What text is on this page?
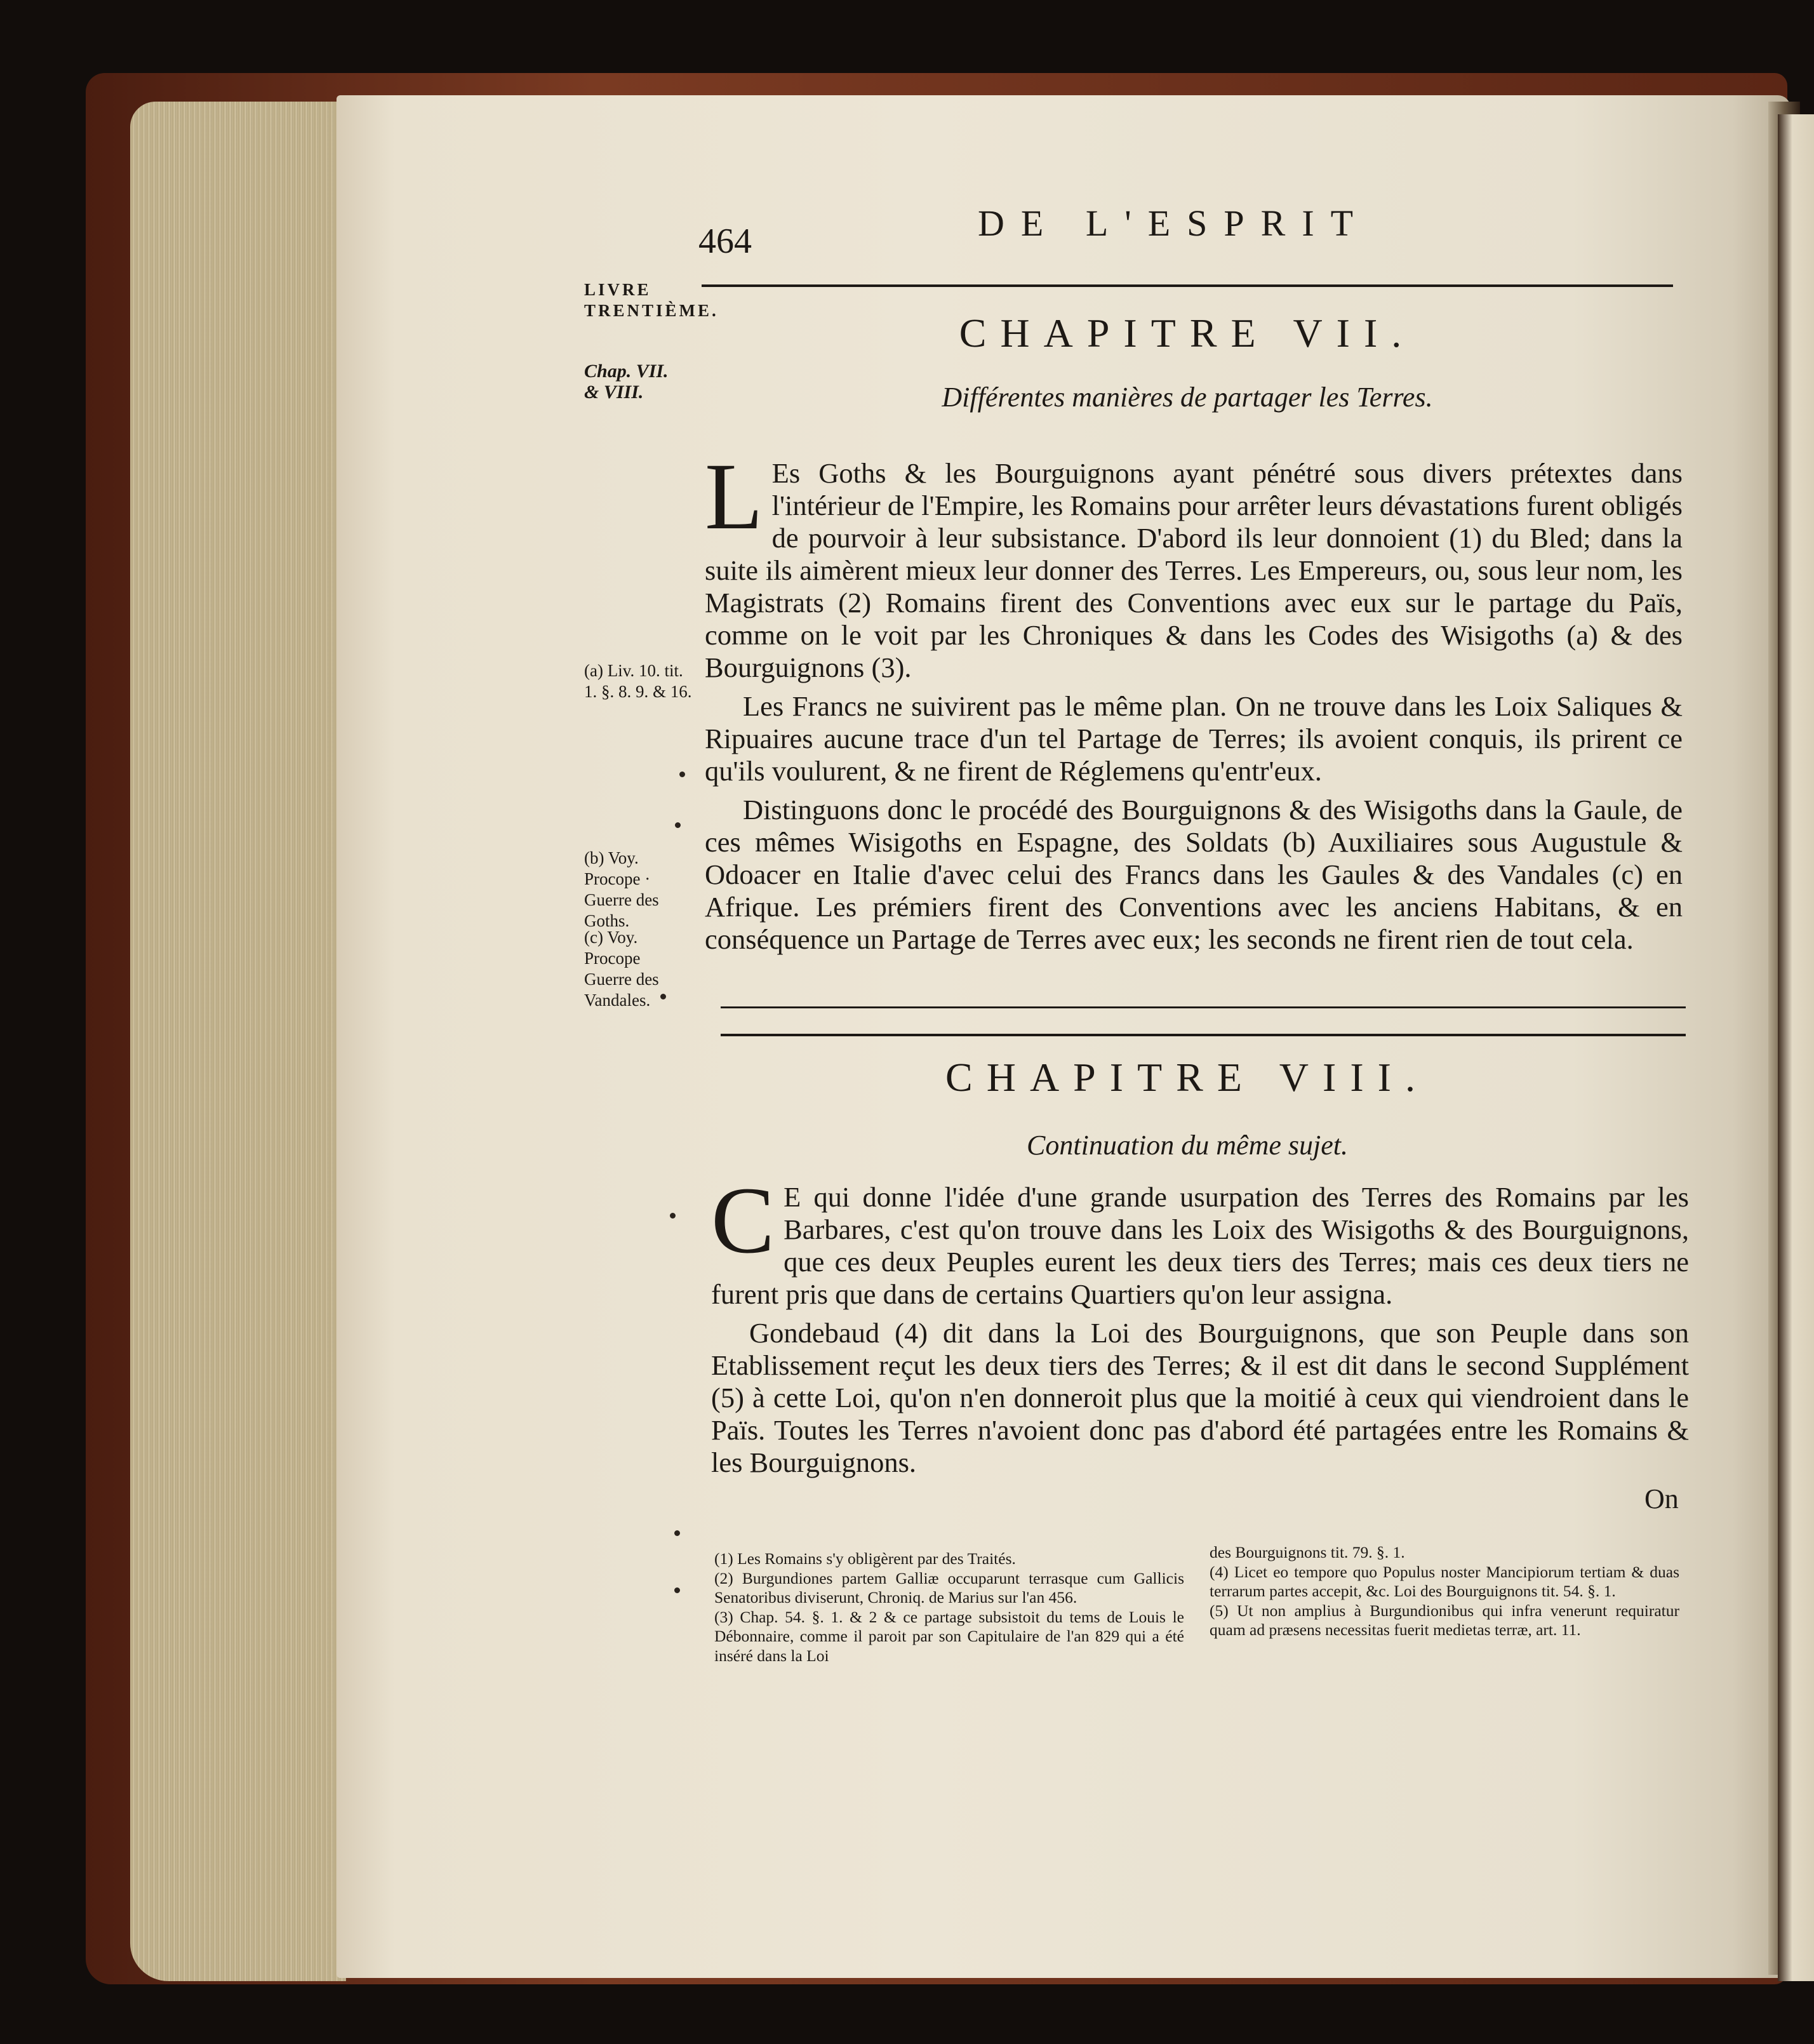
464	DE L'ESPRIT
LIVRE TRENTIÈME.
Chap. VII. & VIII.
(a) Liv. 10. tit. 1. §. 8. 9. & 16.
(b) Voy. Procope · Guerre des Goths.
(c) Voy. Procope Guerre des Vandales.
CHAPITRE VII.
Différentes manières de partager les Terres.
L Es Goths & les Bourguignons ayant pénétré sous divers prétextes dans l'intérieur de l'Empire, les Romains pour arrêter leurs dévastations furent obligés de pourvoir à leur subsistance. D'abord ils leur donnoient (1) du Bled; dans la suite ils aimèrent mieux leur donner des Terres. Les Empereurs, ou, sous leur nom, les Magistrats (2) Romains firent des Conventions avec eux sur le partage du Païs, comme on le voit par les Chroniques & dans les Codes des Wisigoths (a) & des Bourguignons (3).
Les Francs ne suivirent pas le même plan. On ne trouve dans les Loix Saliques & Ripuaires aucune trace d'un tel Partage de Terres; ils avoient conquis, ils prirent ce qu'ils voulurent, & ne firent de Réglemens qu'entr'eux.
Distinguons donc le procédé des Bourguignons & des Wisigoths dans la Gaule, de ces mêmes Wisigoths en Espagne, des Soldats (b) Auxiliaires sous Augustule & Odoacer en Italie d'avec celui des Francs dans les Gaules & des Vandales (c) en Afrique. Les prémiers firent des Conventions avec les anciens Habitans, & en conséquence un Partage de Terres avec eux; les seconds ne firent rien de tout cela.
CHAPITRE VIII.
Continuation du même sujet.
C E qui donne l'idée d'une grande usurpation des Terres des Romains par les Barbares, c'est qu'on trouve dans les Loix des Wisigoths & des Bourguignons, que ces deux Peuples eurent les deux tiers des Terres; mais ces deux tiers ne furent pris que dans de certains Quartiers qu'on leur assigna.
Gondebaud (4) dit dans la Loi des Bourguignons, que son Peuple dans son Etablissement reçut les deux tiers des Terres; & il est dit dans le second Supplément (5) à cette Loi, qu'on n'en donneroit plus que la moitié à ceux qui viendroient dans le Païs. Toutes les Terres n'avoient donc pas d'abord été partagées entre les Romains & les Bourguignons.
On

(1) Les Romains s'y obligèrent par des Traités.

(2) Burgundiones partem Galliæ occuparunt terrasque cum Gallicis Senatoribus diviserunt, Chroniq. de Marius sur l'an 456.

(3) Chap. 54. §. 1. & 2 & ce partage subsistoit du tems de Louis le Débonnaire, comme il paroit par son Capitulaire de l'an 829 qui a été inséré dans la Loi

des Bourguignons tit. 79. §. 1.

(4) Licet eo tempore quo Populus noster Mancipiorum tertiam & duas terrarum partes accepit, &c. Loi des Bourguignons tit. 54. §. 1.

(5) Ut non amplius à Burgundionibus qui infra venerunt requiratur quam ad præsens necessitas fuerit medietas terræ, art. 11.
